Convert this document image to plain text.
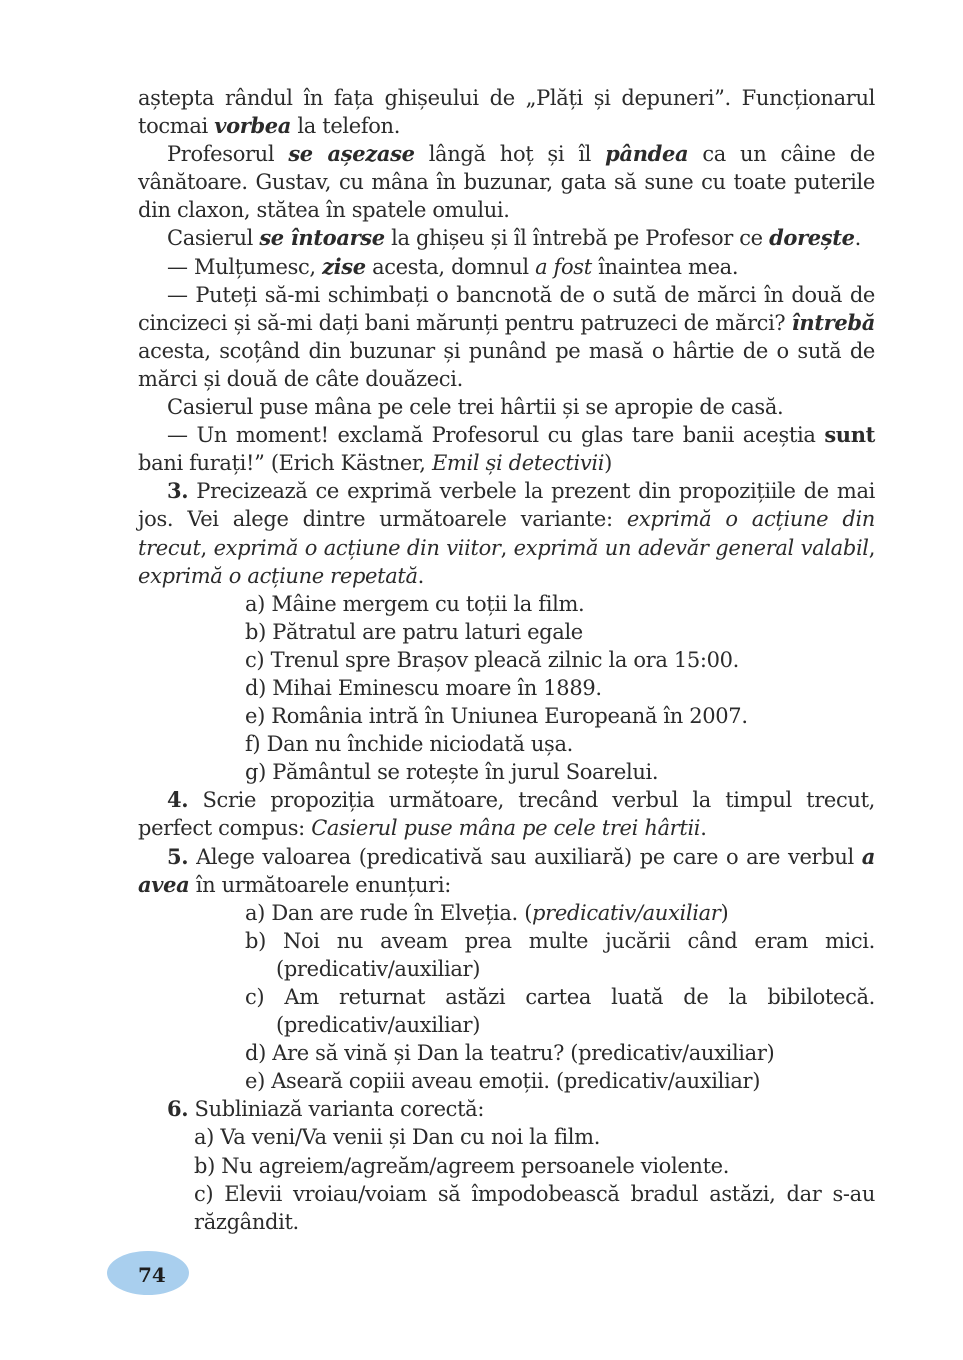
aștepta rândul în fața ghișeului de „Plăți și depuneri”. Funcționarul tocmai vorbea la telefon.

Profesorul se așezase lângă hoț și îl pândea ca un câine de vânătoare. Gustav, cu mâna în buzunar, gata să sune cu toate puterile din claxon, stătea în spatele omului.

Casierul se întoarse la ghișeu și îl întrebă pe Profesor ce dorește.

— Mulțumesc, zise acesta, domnul a fost înaintea mea.

— Puteți să-mi schimbați o bancnotă de o sută de mărci în două de cincizeci și să-mi dați bani mărunți pentru patruzeci de mărci? întrebă acesta, scoțând din buzunar și punând pe masă o hârtie de o sută de mărci și două de câte douăzeci.

Casierul puse mâna pe cele trei hârtii și se apropie de casă.

— Un moment! exclamă Profesorul cu glas tare banii aceștia sunt bani furați!” (Erich Kästner, Emil și detectivii)

3. Precizează ce exprimă verbele la prezent din propozițiile de mai jos. Vei alege dintre următoarele variante: exprimă o acțiune din trecut, exprimă o acțiune din viitor, exprimă un adevăr general valabil, exprimă o acțiune repetată.

a) Mâine mergem cu toții la film.

b) Pătratul are patru laturi egale

c) Trenul spre Brașov pleacă zilnic la ora 15:00.

d) Mihai Eminescu moare în 1889.

e) România intră în Uniunea Europeană în 2007.

f) Dan nu închide niciodată ușa.

g) Pământul se rotește în jurul Soarelui.

4. Scrie propoziția următoare, trecând verbul la timpul trecut, perfect compus: Casierul puse mâna pe cele trei hârtii.

5. Alege valoarea (predicativă sau auxiliară) pe care o are verbul a avea în următoarele enunțuri:

a) Dan are rude în Elveția. (predicativ/auxiliar)

b) Noi nu aveam prea multe jucării când eram mici. (predicativ/auxiliar)

c) Am returnat astăzi cartea luată de la bibilotecă. (predicativ/auxiliar)

d) Are să vină și Dan la teatru? (predicativ/auxiliar)

e) Aseară copiii aveau emoții. (predicativ/auxiliar)

6. Subliniază varianta corectă:

a) Va veni/Va venii și Dan cu noi la film.

b) Nu agreiem/agreăm/agreem persoanele violente.

c) Elevii vroiau/voiam să împodobească bradul astăzi, dar s-au răzgândit.

74
